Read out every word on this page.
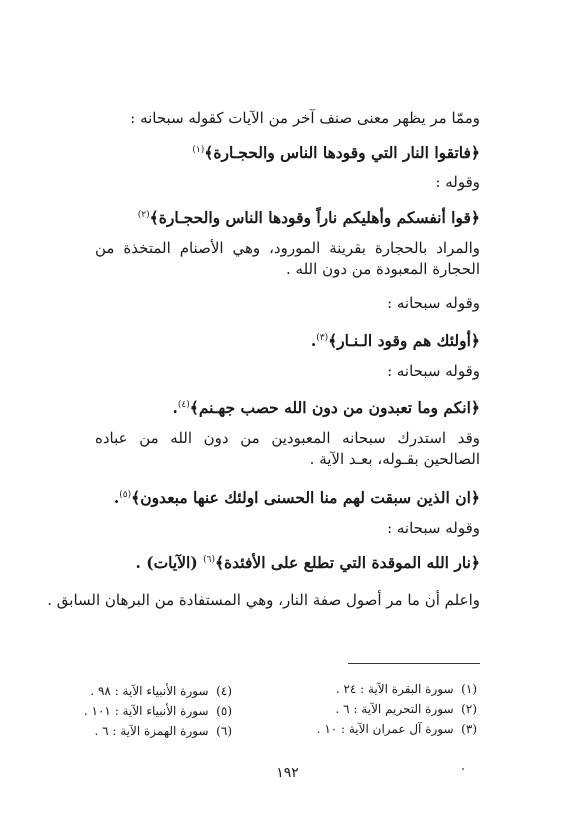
وممّا مر يظهر معنى صنف آخر من الآيات كقوله سبحانه :
﴿فاتقوا النار التي وقودها الناس والحجـارة﴾$^{(١)}$
وقوله :
﴿قوا أنفسكم وأهليكم ناراً وقودها الناس والحجـارة﴾$^{(٢)}$
والمراد بالحجارة بقرينة المورود، وهي الأصنام المتخذة من الحجارة المعبودة من دون الله .
وقوله سبحانه :
﴿أولئك هم وقود الـنـار﴾$^{(٣)}$.
وقوله سبحانه :
﴿انكم وما تعبدون من دون الله حصب جهـنم﴾$^{(٤)}$.
وقد استدرك سبحانه المعبودين من دون الله من عباده الصالحين بقـوله، بعـد الآية .
﴿ان الذين سبقت لهم منا الحسنى اولئك عنها مبعدون﴾$^{(٥)}$.
وقوله سبحانه :
﴿نار الله الموقدة التي تطلع على الأفئدة﴾$^{(٦)}$ (الآيات) .
واعلم أن ما مر أصول صفة النار، وهي المستفادة من البرهان السابق .
(١)  سورة البقرة الآية : ٢٤ .
(٢)  سورة التحريم الآية : ٦ .
(٣)  سورة آل عمران الآية : ١٠ .
(٤)  سورة الأنبياء الآية : ٩٨ .
(٥)  سورة الأنبياء الآية : ١٠١ .
(٦)  سورة الهمزة الآية : ٦ .
١٩٢
